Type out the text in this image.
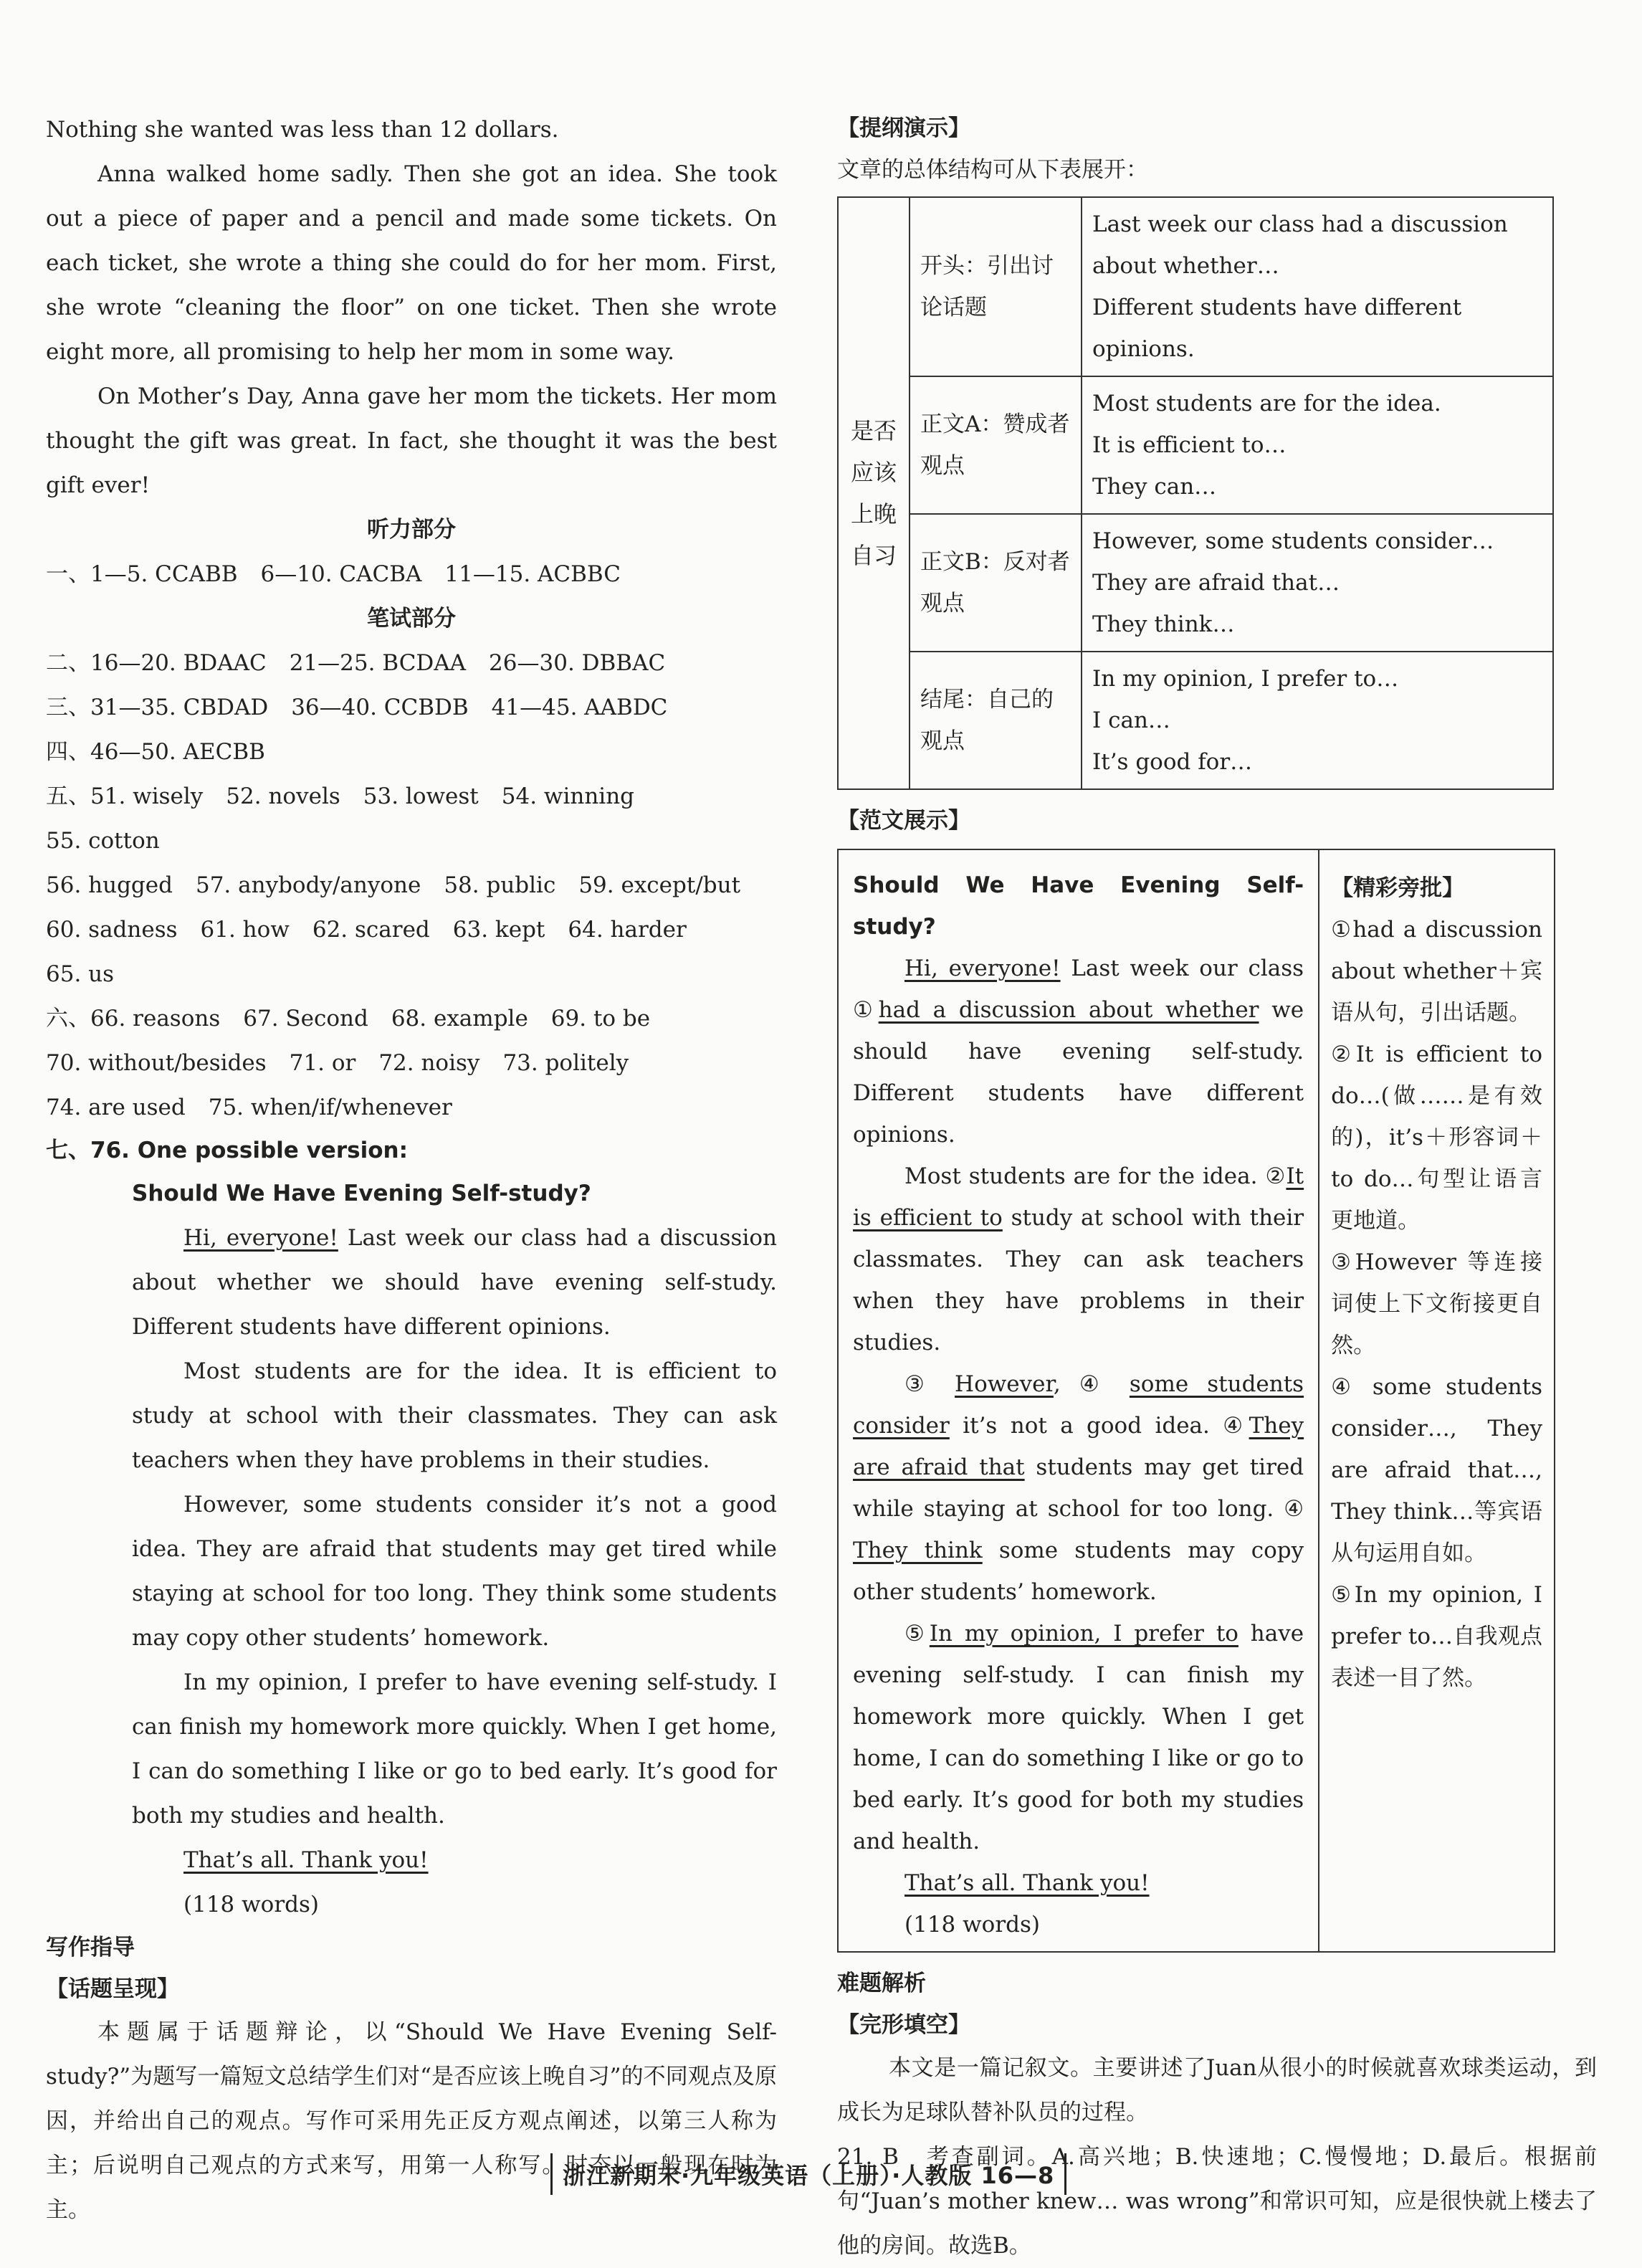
Nothing she wanted was less than 12 dollars.

Anna walked home sadly. Then she got an idea. She took out a piece of paper and a pencil and made some tickets. On each ticket, she wrote a thing she could do for her mom. First, she wrote “cleaning the floor” on one ticket. Then she wrote eight more, all promising to help her mom in some way.

On Mother’s Day, Anna gave her mom the tickets. Her mom thought the gift was great. In fact, she thought it was the best gift ever!

听力部分

一、1—5. CCABB 6—10. CACBA 11—15. ACBBC

笔试部分

二、16—20. BDAAC 21—25. BCDAA 26—30. DBBAC

三、31—35. CBDAD 36—40. CCBDB 41—45. AABDC

四、46—50. AECBB

五、51. wisely 52. novels 53. lowest 54. winning55. cotton

56. hugged 57. anybody/anyone 58. public 59. except/but

60. sadness 61. how 62. scared 63. kept 64. harder65. us

六、66. reasons 67. Second 68. example 69. to be

70. without/besides 71. or 72. noisy 73. politely

74. are used 75. when/if/whenever

七、76. One possible version:

Should We Have Evening Self-study?

Hi, everyone! Last week our class had a discussion about whether we should have evening self-study. Different students have different opinions.

Most students are for the idea. It is efficient to study at school with their classmates. They can ask teachers when they have problems in their studies.

However, some students consider it’s not a good idea. They are afraid that students may get tired while staying at school for too long. They think some students may copy other students’ homework.

In my opinion, I prefer to have evening self-study. I can finish my homework more quickly. When I get home, I can do something I like or go to bed early. It’s good for both my studies and health.

That’s all. Thank you!

(118 words)

写作指导

【话题呈现】

本题属于话题辩论，以“Should We Have Evening Self-study?”为题写一篇短文总结学生们对“是否应该上晚自习”的不同观点及原因，并给出自己的观点。写作可采用先正反方观点阐述，以第三人称为主；后说明自己观点的方式来写，用第一人称写。时态以一般现在时为主。

【提纲演示】

文章的总体结构可从下表展开：

是否应该上晚自习	开头：引出讨论话题	Last week our class had a discussion about whether…
Different students have different opinions.

	正文A：赞成者观点	Most students are for the idea.
It is efficient to…
They can…

	正文B：反对者观点	However, some students consider…
They are afraid that…
They think…

	结尾：自己的观点	In my opinion, I prefer to…
I can…
It’s good for…

【范文展示】

Should We Have Evening Self-study?

Hi, everyone! Last week our class ①had a discussion about whether we should have evening self-study. Different students have different opinions.

Most students are for the idea. ②It is efficient to study at school with their classmates. They can ask teachers when they have problems in their studies.

③ However, ④ some students consider it’s not a good idea. ④They are afraid that students may get tired while staying at school for too long. ④ They think some students may copy other students’ homework.

⑤In my opinion, I prefer to have evening self-study. I can finish my homework more quickly. When I get home, I can do something I like or go to bed early. It’s good for both my studies and health.

That’s all. Thank you!

(118 words)

【精彩旁批】

①had a discussion about whether＋宾语从句，引出话题。

②It is efficient to do…(做……是有效的)，it’s＋形容词＋to do…句型让语言更地道。

③However 等连接词使上下文衔接更自然。

④ some students consider…, They are afraid that…, They think…等宾语从句运用自如。

⑤In my opinion, I prefer to…自我观点表述一目了然。

难题解析

【完形填空】

本文是一篇记叙文。主要讲述了Juan从很小的时候就喜欢球类运动，到成长为足球队替补队员的过程。

21. B　考查副词。A.高兴地；B.快速地；C.慢慢地；D.最后。根据前句“Juan’s mother knew… was wrong”和常识可知，应是很快就上楼去了他的房间。故选B。

浙江新期末·九年级英语（上册）·人教版 16—8
